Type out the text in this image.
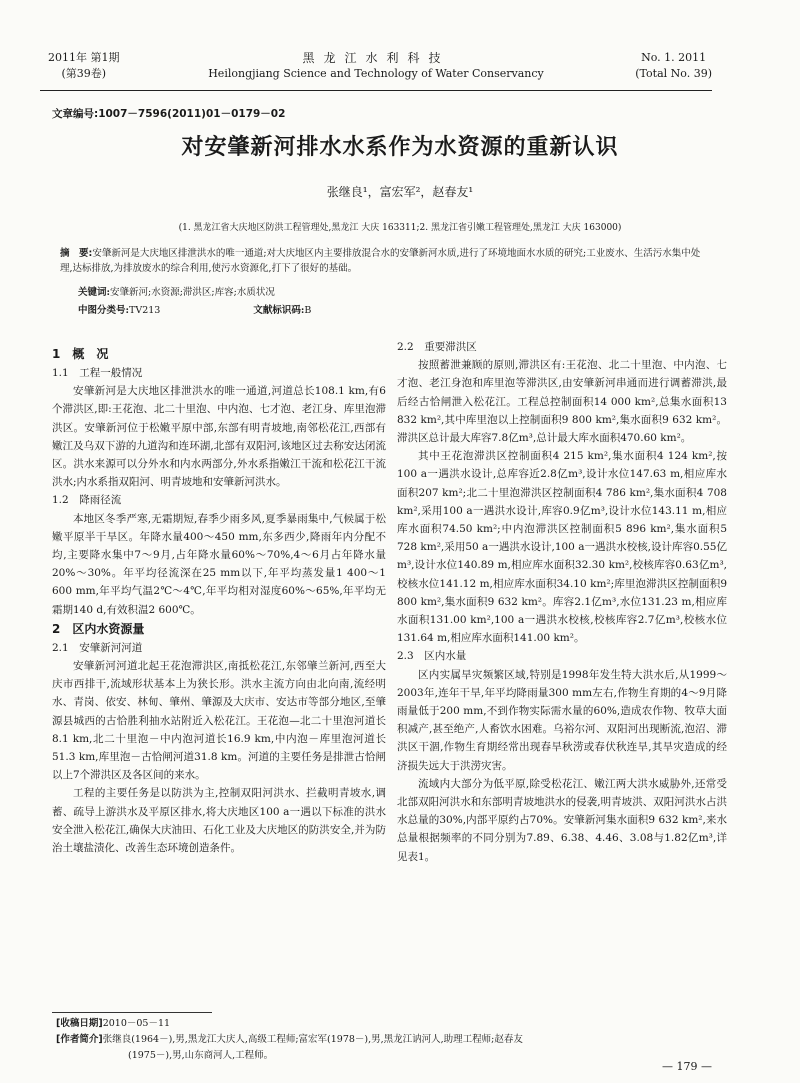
2011年 第1期
(第39卷)
黑龙江水利科技
Heilongjiang Science and Technology of Water Conservancy
No. 1. 2011
(Total No. 39)
文章编号:1007－7596(2011)01－0179－02
对安肇新河排水水系作为水资源的重新认识
张继良¹，富宏军²，赵春友¹
(1. 黑龙江省大庆地区防洪工程管理处,黑龙江 大庆 163311;2. 黑龙江省引嫩工程管理处,黑龙江 大庆 163000)
摘　要:安肇新河是大庆地区排泄洪水的唯一通道;对大庆地区内主要排放混合水的安肇新河水质,进行了环境地面水水质的研究;工业废水、生活污水集中处理,达标排放,为排放废水的综合利用,使污水资源化,打下了很好的基础。
关键词:安肇新河;水资源;滞洪区;库容;水质状况
中图分类号:TV213	文献标识码:B
1　概　况
1.1　工程一般情况

安肇新河是大庆地区排泄洪水的唯一通道,河道总长108.1 km,有6个滞洪区,即:王花泡、北二十里泡、中内泡、七才泡、老江身、库里泡滞洪区。安肇新河位于松嫩平原中部,东部有明青坡地,南邻松花江,西部有嫩江及乌双下游的九道沟和连环湖,北部有双阳河,该地区过去称安达闭流区。洪水来源可以分外水和内水两部分,外水系指嫩江干流和松花江干流洪水;内水系指双阳河、明青坡地和安肇新河洪水。

1.2　降雨径流

本地区冬季严寒,无霜期短,春季少雨多风,夏季暴雨集中,气候属于松嫩平原半干旱区。年降水量400～450 mm,东多西少,降雨年内分配不均,主要降水集中7～9月,占年降水量60%～70%,4～6月占年降水量20%～30%。年平均径流深在25 mm以下,年平均蒸发量1 400～1 600 mm,年平均气温2℃～4℃,年平均相对湿度60%～65%,年平均无霜期140 d,有效积温2 600℃。

2　区内水资源量
2.1　安肇新河河道

安肇新河河道北起王花泡滞洪区,南抵松花江,东邻肇兰新河,西至大庆市西排干,流域形状基本上为狭长形。洪水主流方向由北向南,流经明水、青岗、依安、林甸、肇州、肇源及大庆市、安达市等部分地区,至肇源县城西的古恰胜利抽水站附近入松花江。王花泡—北二十里泡河道长8.1 km,北二十里泡－中内泡河道长16.9 km,中内泡－库里泡河道长51.3 km,库里泡－古恰闸河道31.8 km。河道的主要任务是排泄古恰闸以上7个滞洪区及各区间的来水。

工程的主要任务是以防洪为主,控制双阳河洪水、拦截明青坡水,调蓄、疏导上游洪水及平原区排水,将大庆地区100 a一遇以下标准的洪水安全泄入松花江,确保大庆油田、石化工业及大庆地区的防洪安全,并为防治土壤盐渍化、改善生态环境创造条件。

2.2　重要滞洪区

按照蓄泄兼顾的原则,滞洪区有:王花泡、北二十里泡、中内泡、七才泡、老江身泡和库里泡等滞洪区,由安肇新河串通而进行调蓄滞洪,最后经古恰闸泄入松花江。工程总控制面积14 000 km²,总集水面积13 832 km²,其中库里泡以上控制面积9 800 km²,集水面积9 632 km²。滞洪区总计最大库容7.8亿m³,总计最大库水面积470.60 km²。

其中王花泡滞洪区控制面积4 215 km²,集水面积4 124 km²,按100 a一遇洪水设计,总库容近2.8亿m³,设计水位147.63 m,相应库水面积207 km²;北二十里泡滞洪区控制面积4 786 km²,集水面积4 708 km²,采用100 a一遇洪水设计,库容0.9亿m³,设计水位143.11 m,相应库水面积74.50 km²;中内泡滞洪区控制面积5 896 km²,集水面积5 728 km²,采用50 a一遇洪水设计,100 a一遇洪水校核,设计库容0.55亿m³,设计水位140.89 m,相应库水面积32.30 km²,校核库容0.63亿m³,校核水位141.12 m,相应库水面积34.10 km²;库里泡滞洪区控制面积9 800 km²,集水面积9 632 km²。库容2.1亿m³,水位131.23 m,相应库水面积131.00 km²,100 a一遇洪水校核,校核库容2.7亿m³,校核水位131.64 m,相应库水面积141.00 km²。

2.3　区内水量

区内实属旱灾频繁区域,特别是1998年发生特大洪水后,从1999～2003年,连年干旱,年平均降雨量300 mm左右,作物生育期的4～9月降雨量低于200 mm,不到作物实际需水量的60%,造成农作物、牧草大面积减产,甚至绝产,人畜饮水困难。乌裕尔河、双阳河出现断流,泡沼、滞洪区干涸,作物生育期经常出现春旱秋涝或春伏秋连旱,其旱灾造成的经济损失远大于洪涝灾害。

流域内大部分为低平原,除受松花江、嫩江两大洪水威胁外,还常受北部双阳河洪水和东部明青坡地洪水的侵袭,明青坡洪、双阳河洪水占洪水总量的30%,内部平原约占70%。安肇新河集水面积9 632 km²,来水总量根据频率的不同分别为7.89、6.38、4.46、3.08与1.82亿m³,详见表1。

[收稿日期]2010－05－11
[作者简介]张继良(1964－),男,黑龙江大庆人,高级工程师;富宏军(1978－),男,黑龙江讷河人,助理工程师;赵春友
(1975－),男,山东商河人,工程师。
— 179 —
